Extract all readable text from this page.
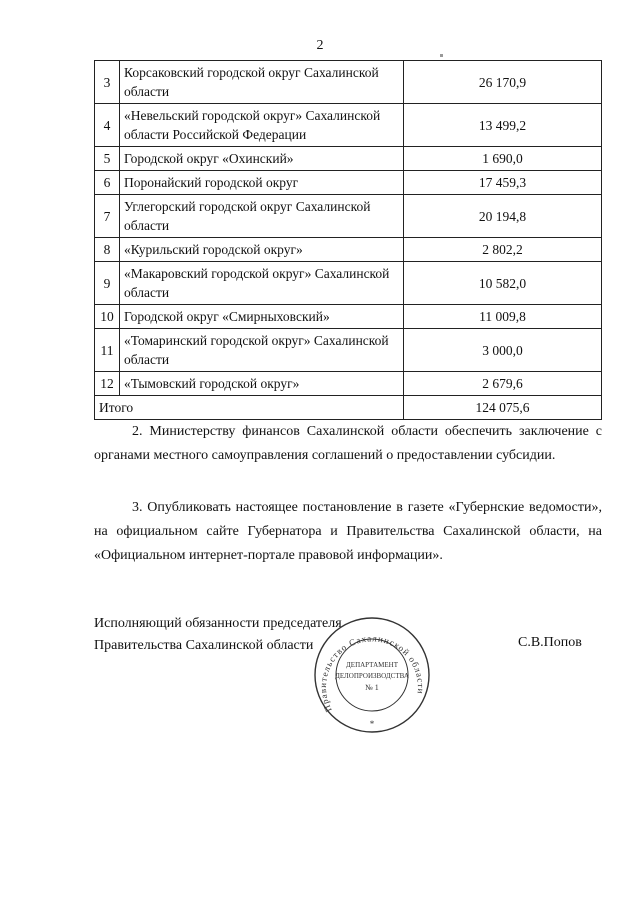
2
3	Корсаковский городской округ Сахалинской области	26 170,9
4	«Невельский городской округ» Сахалинской области Российской Федерации	13 499,2
5	Городской округ «Охинский»	1 690,0
6	Поронайский городской округ	17 459,3
7	Углегорский городской округ Сахалинской области	20 194,8
8	«Курильский городской округ»	2 802,2
9	«Макаровский городской округ» Сахалинской области	10 582,0
10	Городской округ «Смирныховский»	11 009,8
11	«Томаринский городской округ» Сахалинской области	3 000,0
12	«Тымовский городской округ»	2 679,6
Итого		124 075,6

2. Министерству финансов Сахалинской области обеспечить заключение с органами местного самоуправления соглашений о предоставлении субсидии.

3. Опубликовать настоящее постановление в газете «Губернские ведомости», на официальном сайте Губернатора и Правительства Сахалинской области, на «Официальном интернет-портале правовой информации».

Исполняющий обязанности председателя
Правительства Сахалинской области	С.В.Попов
Правительство Сахалинской области
ДЕПАРТАМЕНТ
ДЕЛОПРОИЗВОДСТВА
№ 1
*
